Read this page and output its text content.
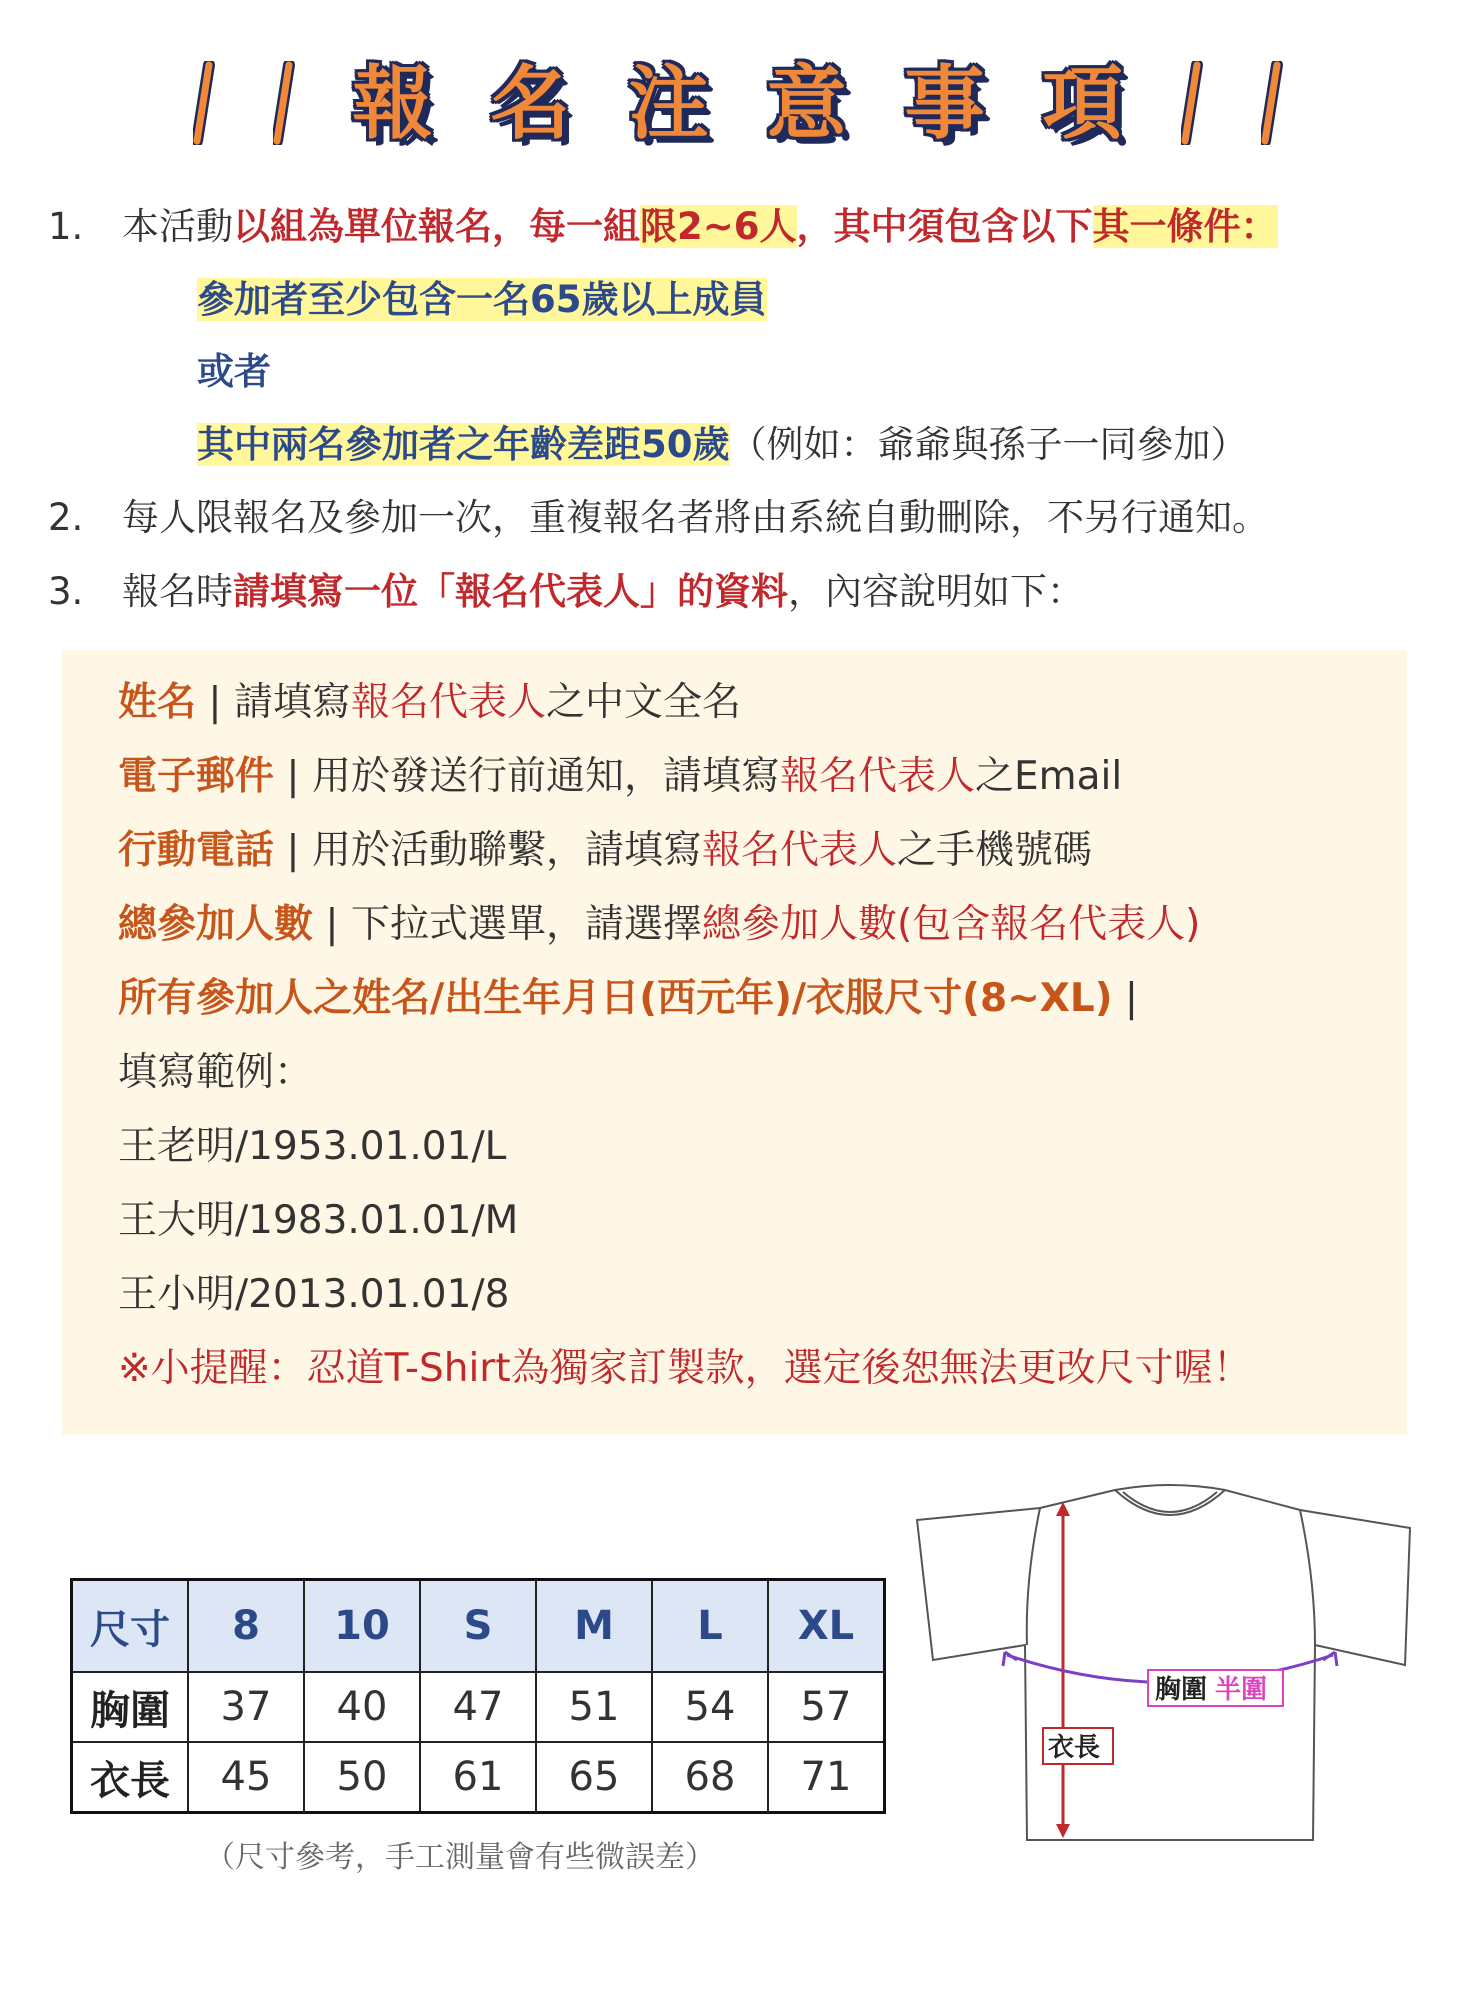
報 名 注 意 事 項
1. 本活動以組為單位報名，每一組限2~6人，其中須包含以下其一條件：
參加者至少包含一名65歲以上成員
或者
其中兩名參加者之年齡差距50歲（例如：爺爺與孫子一同參加）
2. 每人限報名及參加一次，重複報名者將由系統自動刪除，不另行通知。
3. 報名時請填寫一位「報名代表人」的資料，內容說明如下：
姓名 | 請填寫報名代表人之中文全名
電子郵件 | 用於發送行前通知，請填寫報名代表人之Email
行動電話 | 用於活動聯繫，請填寫報名代表人之手機號碼
總參加人數 | 下拉式選單，請選擇總參加人數(包含報名代表人)
所有參加人之姓名/出生年月日(西元年)/衣服尺寸(8~XL) |
填寫範例：
王老明/1953.01.01/L
王大明/1983.01.01/M
王小明/2013.01.01/8
※小提醒：忍道T-Shirt為獨家訂製款，選定後恕無法更改尺寸喔！
尺寸	8	10	S	M	L	XL
胸圍	37	40	47	51	54	57
衣長	45	50	61	65	68	71
（尺寸參考，手工測量會有些微誤差）
胸圍 半圍
衣長
